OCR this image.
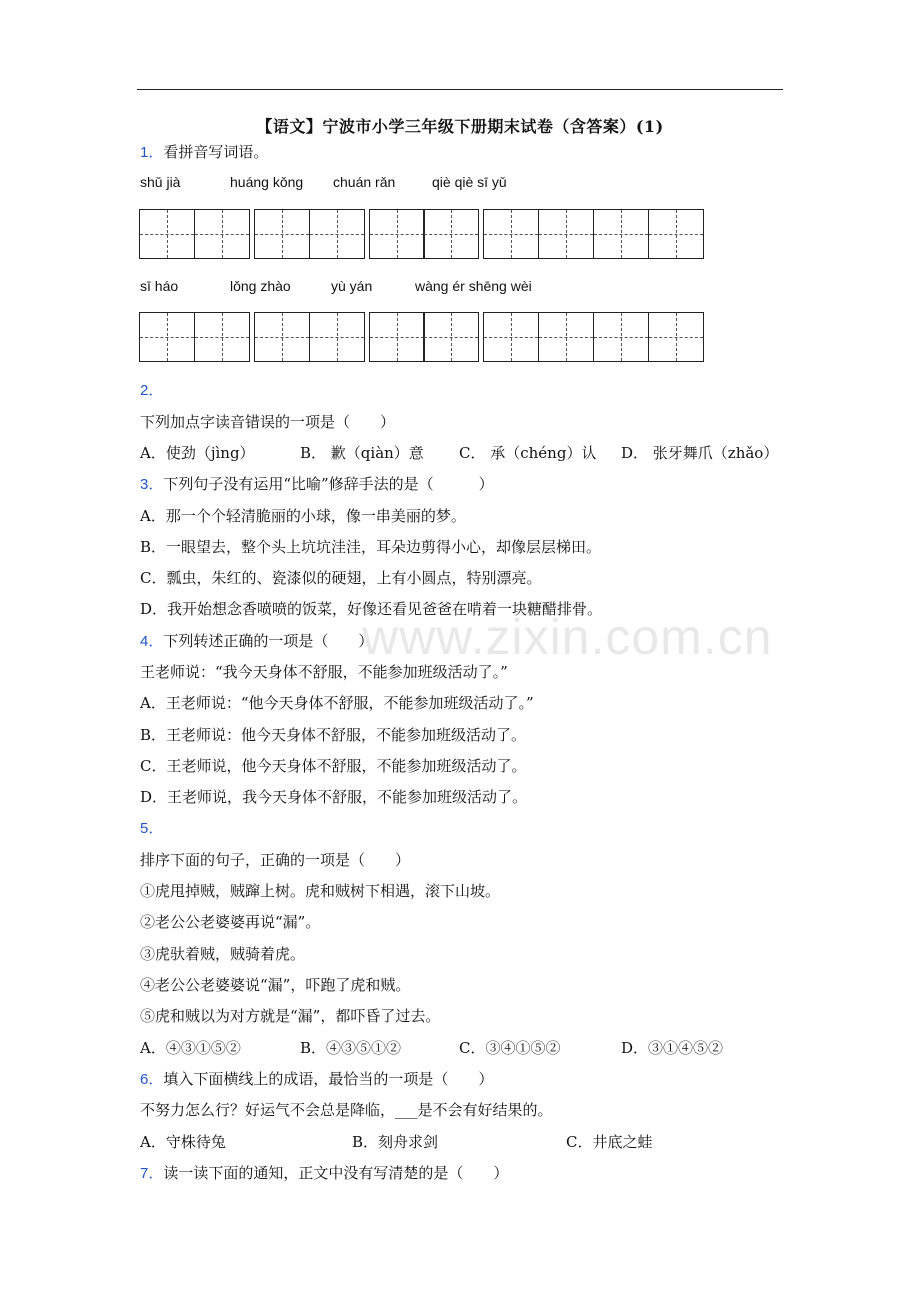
【语文】宁波市小学三年级下册期末试卷（含答案）(1)
1．看拼音写词语。
shǔ jià	huáng kǒng chuán rǎn	qiè qiè sī yǔ
sī háo	lǒng zhào	yù yán	wàng ér shēng wèi
2．
下列加点字读音错误的一项是（　　）
A．使劲（jìng）	B． 歉（qiàn）意 C． 承（chéng）认 D． 张牙舞爪（zhǎo）
3．下列句子没有运用“比喻”修辞手法的是（　　　）
A．那一个个轻清脆丽的小球，像一串美丽的梦。
B．一眼望去，整个头上坑坑洼洼，耳朵边剪得小心，却像层层梯田。
C．瓢虫，朱红的、瓷漆似的硬翅，上有小圆点，特别漂亮。
D．我开始想念香喷喷的饭菜，好像还看见爸爸在啃着一块糖醋排骨。
4．下列转述正确的一项是（　　）
王老师说：“我今天身体不舒服，不能参加班级活动了。”
A．王老师说：“他今天身体不舒服，不能参加班级活动了。”
B．王老师说：他今天身体不舒服，不能参加班级活动了。
C．王老师说，他今天身体不舒服，不能参加班级活动了。
D．王老师说，我今天身体不舒服，不能参加班级活动了。
5．
排序下面的句子，正确的一项是（　　）
①虎甩掉贼，贼蹿上树。虎和贼树下相遇，滚下山坡。
②老公公老婆婆再说“漏”。
③虎驮着贼，贼骑着虎。
④老公公老婆婆说“漏”，吓跑了虎和贼。
⑤虎和贼以为对方就是“漏”，都吓昏了过去。
A．④③①⑤②	B．④③⑤①②	C．③④①⑤②	D．③①④⑤②
6．填入下面横线上的成语，最恰当的一项是（　　）
不努力怎么行？好运气不会总是降临，___是不会有好结果的。
A．守株待兔	B．刻舟求剑	C．井底之蛙
7．读一读下面的通知，正文中没有写清楚的是（　　）
www.zixin.com.cn
